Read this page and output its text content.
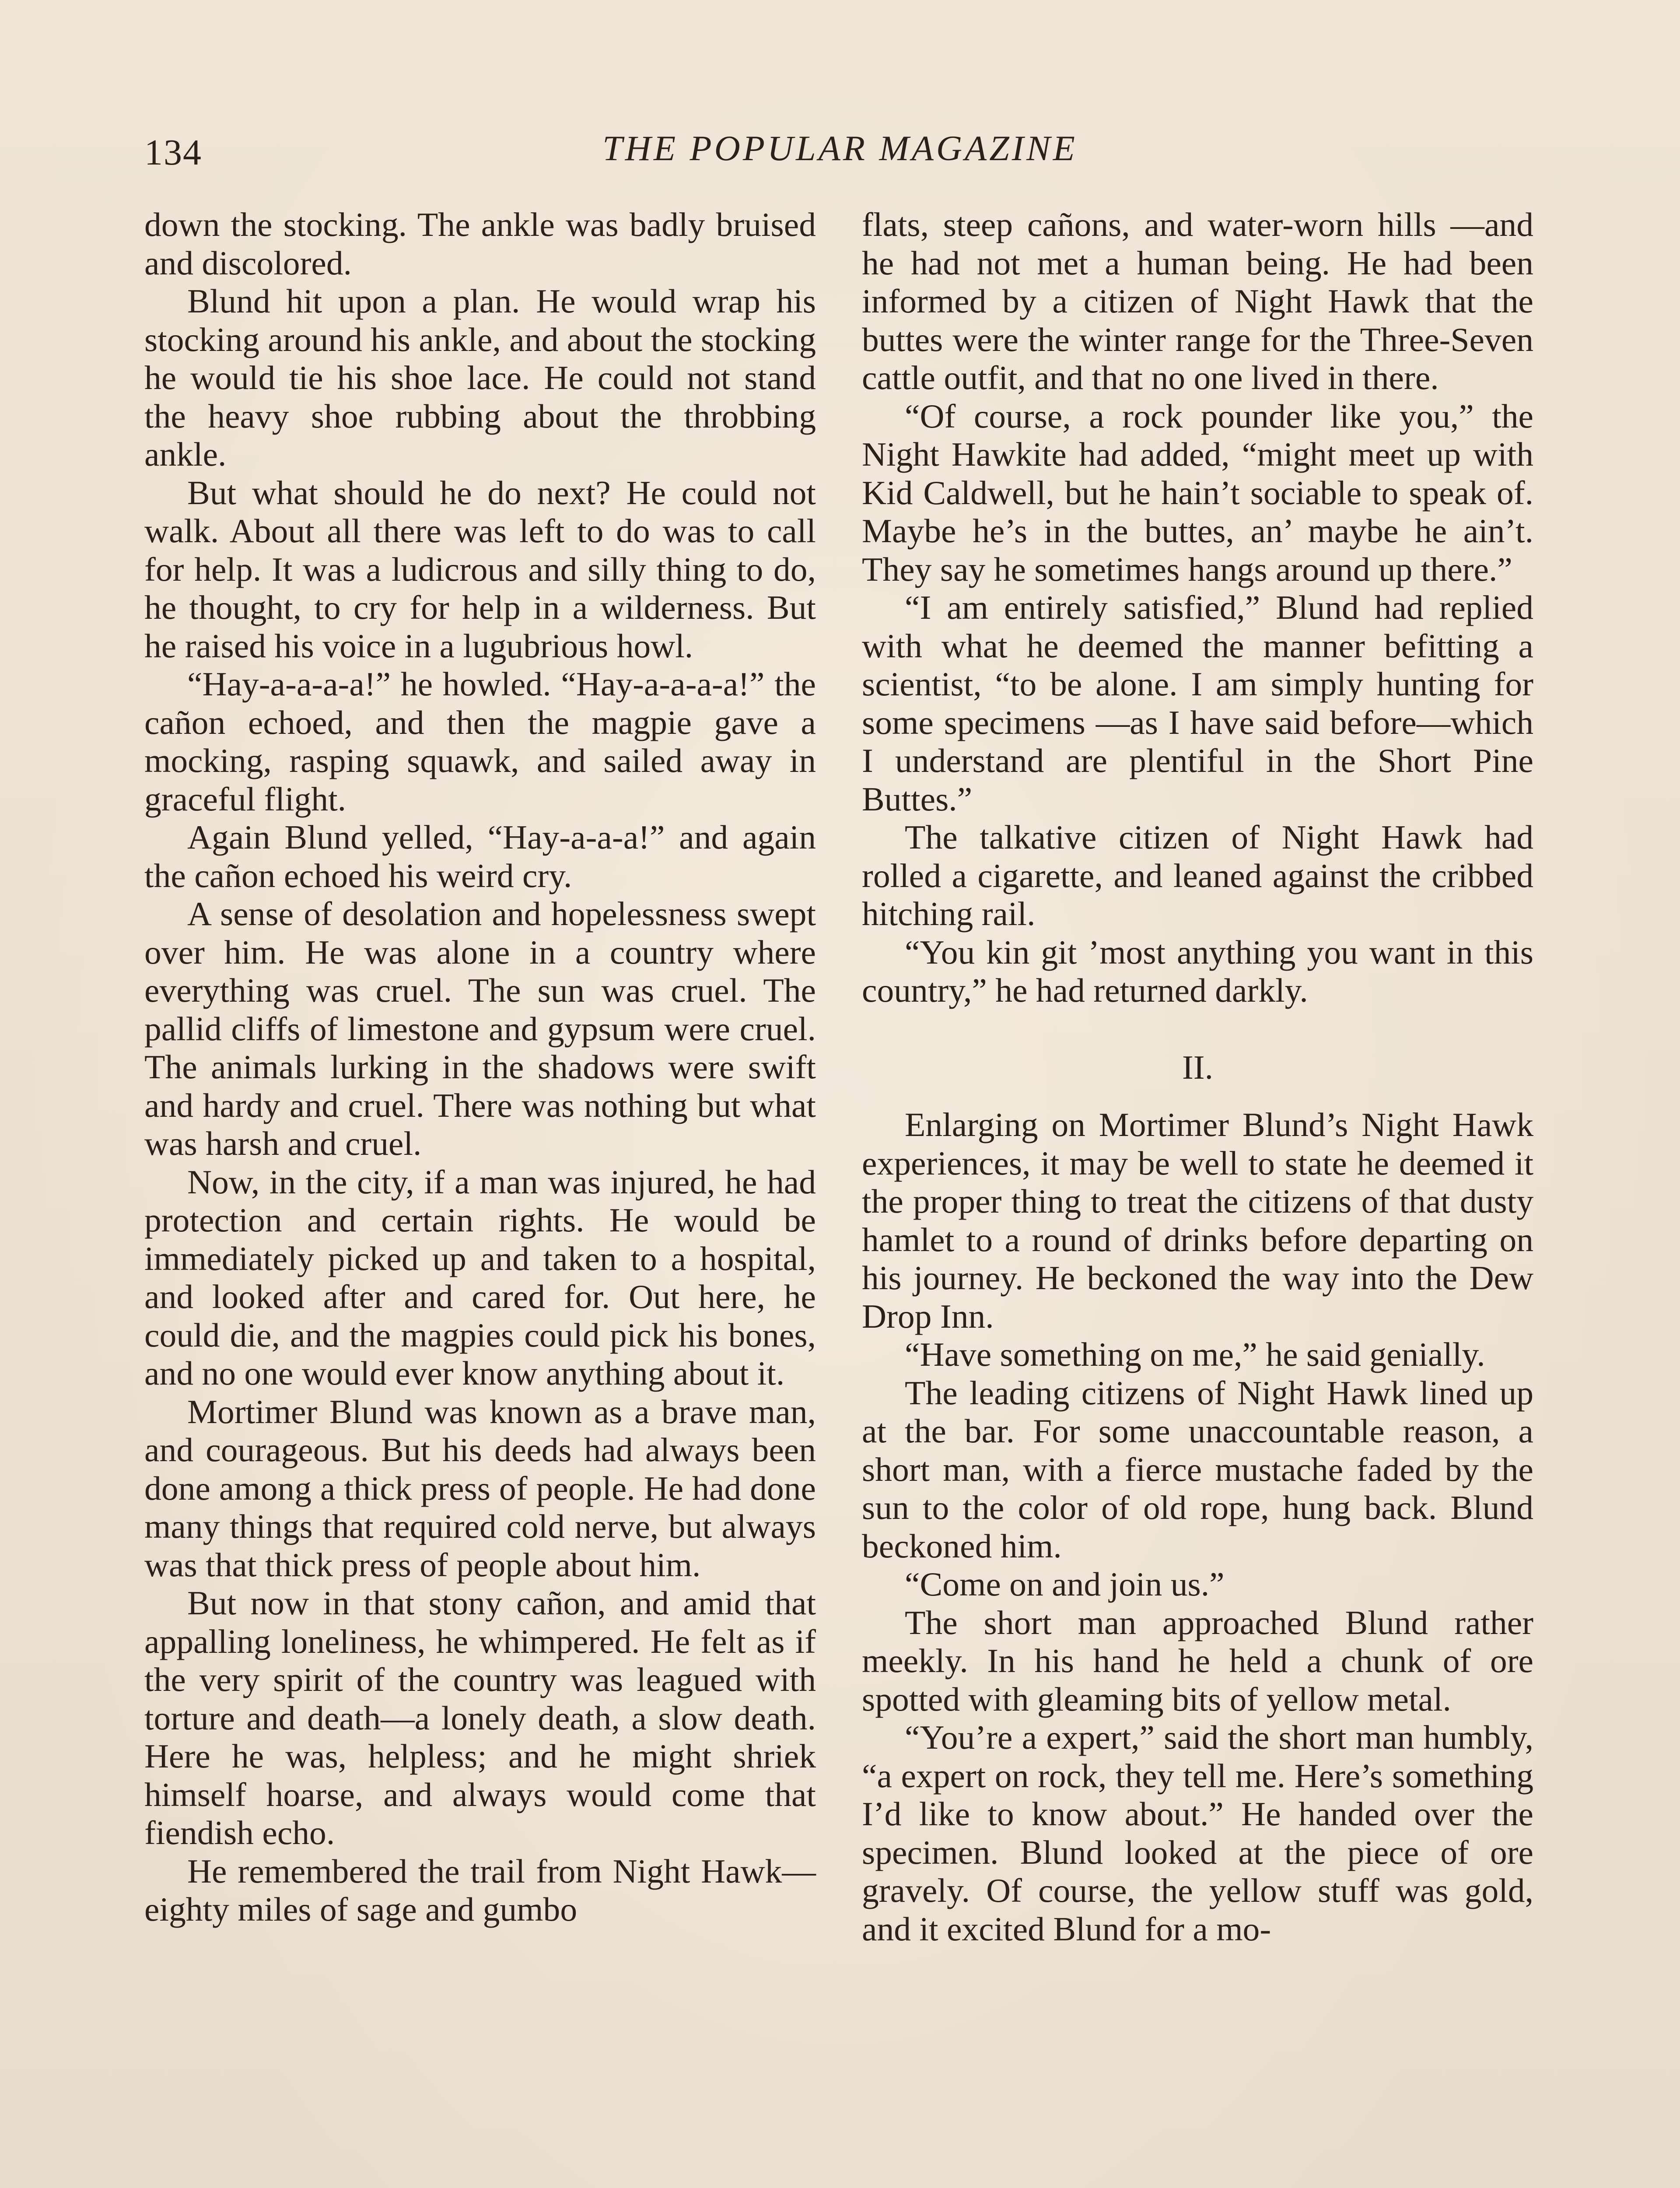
134	THE POPULAR MAGAZINE

down the stocking. The ankle was badly bruised and discolored.

Blund hit upon a plan. He would wrap his stocking around his ankle, and about the stocking he would tie his shoe lace. He could not stand the heavy shoe rubbing about the throbbing ankle.

But what should he do next? He could not walk. About all there was left to do was to call for help. It was a ludicrous and silly thing to do, he thought, to cry for help in a wilderness. But he raised his voice in a lugubrious howl.

“Hay-a-a-a-a!” he howled. “Hay-a-a-a-a!” the cañon echoed, and then the magpie gave a mocking, rasping squawk, and sailed away in graceful flight.

Again Blund yelled, “Hay-a-a-a!” and again the cañon echoed his weird cry.

A sense of desolation and hopelessness swept over him. He was alone in a country where everything was cruel. The sun was cruel. The pallid cliffs of limestone and gypsum were cruel. The animals lurking in the shadows were swift and hardy and cruel. There was nothing but what was harsh and cruel.

Now, in the city, if a man was injured, he had protection and certain rights. He would be immediately picked up and taken to a hospital, and looked after and cared for. Out here, he could die, and the magpies could pick his bones, and no one would ever know anything about it.

Mortimer Blund was known as a brave man, and courageous. But his deeds had always been done among a thick press of people. He had done many things that required cold nerve, but always was that thick press of people about him.

But now in that stony cañon, and amid that appalling loneliness, he whimpered. He felt as if the very spirit of the country was leagued with torture and death—a lonely death, a slow death. Here he was, helpless; and he might shriek himself hoarse, and always would come that fiendish echo.

He remembered the trail from Night Hawk—eighty miles of sage and gumbo

flats, steep cañons, and water-worn hills —and he had not met a human being. He had been informed by a citizen of Night Hawk that the buttes were the winter range for the Three-Seven cattle outfit, and that no one lived in there.

“Of course, a rock pounder like you,” the Night Hawkite had added, “might meet up with Kid Caldwell, but he hain’t sociable to speak of. Maybe he’s in the buttes, an’ maybe he ain’t. They say he sometimes hangs around up there.”

“I am entirely satisfied,” Blund had replied with what he deemed the manner befitting a scientist, “to be alone. I am simply hunting for some specimens —as I have said before—which I understand are plentiful in the Short Pine Buttes.”

The talkative citizen of Night Hawk had rolled a cigarette, and leaned against the cribbed hitching rail.

“You kin git ’most anything you want in this country,” he had returned darkly.

II.

Enlarging on Mortimer Blund’s Night Hawk experiences, it may be well to state he deemed it the proper thing to treat the citizens of that dusty hamlet to a round of drinks before departing on his journey. He beckoned the way into the Dew Drop Inn.

“Have something on me,” he said genially.

The leading citizens of Night Hawk lined up at the bar. For some unaccountable reason, a short man, with a fierce mustache faded by the sun to the color of old rope, hung back. Blund beckoned him.

“Come on and join us.”

The short man approached Blund rather meekly. In his hand he held a chunk of ore spotted with gleaming bits of yellow metal.

“You’re a expert,” said the short man humbly, “a expert on rock, they tell me. Here’s something I’d like to know about.” He handed over the specimen. Blund looked at the piece of ore gravely. Of course, the yellow stuff was gold, and it excited Blund for a mo-
